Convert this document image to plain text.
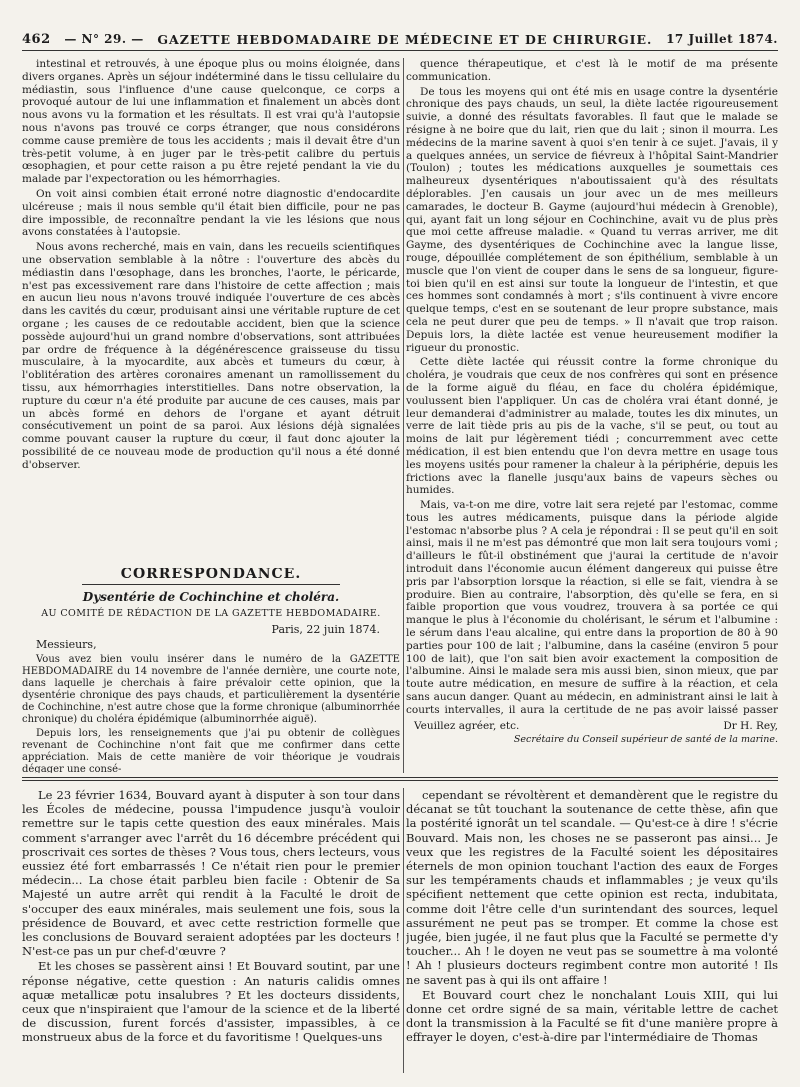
462 — N° 29. — GAZETTE HEBDOMADAIRE DE MÉDECINE ET DE CHIRURGIE. 17 Juillet 1874.

intestinal et retrouvés, à une époque plus ou moins éloignée, dans divers organes. Après un séjour indéterminé dans le tissu cellulaire du médiastin, sous l'influence d'une cause quelconque, ce corps a provoqué autour de lui une inflammation et finalement un abcès dont nous avons vu la formation et les résultats. Il est vrai qu'à l'autopsie nous n'avons pas trouvé ce corps étranger, que nous considérons comme cause première de tous les accidents ; mais il devait être d'un très-petit volume, à en juger par le très-petit calibre du pertuis œsophagien, et pour cette raison a pu être rejeté pendant la vie du malade par l'expectoration ou les hémorrhagies.

On voit ainsi combien était erroné notre diagnostic d'endocardite ulcéreuse ; mais il nous semble qu'il était bien difficile, pour ne pas dire impossible, de reconnaître pendant la vie les lésions que nous avons constatées à l'autopsie.

Nous avons recherché, mais en vain, dans les recueils scientifiques une observation semblable à la nôtre : l'ouverture des abcès du médiastin dans l'œsophage, dans les bronches, l'aorte, le péricarde, n'est pas excessivement rare dans l'histoire de cette affection ; mais en aucun lieu nous n'avons trouvé indiquée l'ouverture de ces abcès dans les cavités du cœur, produisant ainsi une véritable rupture de cet organe ; les causes de ce redoutable accident, bien que la science possède aujourd'hui un grand nombre d'observations, sont attribuées par ordre de fréquence à la dégénérescence graisseuse du tissu musculaire, à la myocardite, aux abcès et tumeurs du cœur, à l'oblitération des artères coronaires amenant un ramollissement du tissu, aux hémorrhagies interstitielles. Dans notre observation, la rupture du cœur n'a été produite par aucune de ces causes, mais par un abcès formé en dehors de l'organe et ayant détruit consécutivement un point de sa paroi. Aux lésions déjà signalées comme pouvant causer la rupture du cœur, il faut donc ajouter la possibilité de ce nouveau mode de production qu'il nous a été donné d'observer.

CORRESPONDANCE.
Dysentérie de Cochinchine et choléra.
AU COMITÉ DE RÉDACTION DE LA GAZETTE HEBDOMADAIRE.
Paris, 22 juin 1874.
Messieurs,

Vous avez bien voulu insérer dans le numéro de la GAZETTE HEBDOMADAIRE du 14 novembre de l'année dernière, une courte note, dans laquelle je cherchais à faire prévaloir cette opinion, que la dysentérie chronique des pays chauds, et particulièrement la dysentérie de Cochinchine, n'est autre chose que la forme chronique (albuminorrhée chronique) du choléra épidémique (albuminorrhée aiguë).

Depuis lors, les renseignements que j'ai pu obtenir de collègues revenant de Cochinchine n'ont fait que me confirmer dans cette appréciation. Mais de cette manière de voir théorique je voudrais dégager une consé-

quence thérapeutique, et c'est là le motif de ma présente communication.

De tous les moyens qui ont été mis en usage contre la dysentérie chronique des pays chauds, un seul, la diète lactée rigoureusement suivie, a donné des résultats favorables. Il faut que le malade se résigne à ne boire que du lait, rien que du lait ; sinon il mourra. Les médecins de la marine savent à quoi s'en tenir à ce sujet. J'avais, il y a quelques années, un service de fiévreux à l'hôpital Saint-Mandrier (Toulon) ; toutes les médications auxquelles je soumettais ces malheureux dysentériques n'aboutissaient qu'à des résultats déplorables. J'en causais un jour avec un de mes meilleurs camarades, le docteur B. Gayme (aujourd'hui médecin à Grenoble), qui, ayant fait un long séjour en Cochinchine, avait vu de plus près que moi cette affreuse maladie. « Quand tu verras arriver, me dit Gayme, des dysentériques de Cochinchine avec la langue lisse, rouge, dépouillée complétement de son épithélium, semblable à un muscle que l'on vient de couper dans le sens de sa longueur, figure-toi bien qu'il en est ainsi sur toute la longueur de l'intestin, et que ces hommes sont condamnés à mort ; s'ils continuent à vivre encore quelque temps, c'est en se soutenant de leur propre substance, mais cela ne peut durer que peu de temps. » Il n'avait que trop raison. Depuis lors, la diète lactée est venue heureusement modifier la rigueur du pronostic.

Cette diète lactée qui réussit contre la forme chronique du choléra, je voudrais que ceux de nos confrères qui sont en présence de la forme aiguë du fléau, en face du choléra épidémique, voulussent bien l'appliquer. Un cas de choléra vrai étant donné, je leur demanderai d'administrer au malade, toutes les dix minutes, un verre de lait tiède pris au pis de la vache, s'il se peut, ou tout au moins de lait pur légèrement tiédi ; concurremment avec cette médication, il est bien entendu que l'on devra mettre en usage tous les moyens usités pour ramener la chaleur à la périphérie, depuis les frictions avec la flanelle jusqu'aux bains de vapeurs sèches ou humides.

Mais, va-t-on me dire, votre lait sera rejeté par l'estomac, comme tous les autres médicaments, puisque dans la période algide l'estomac n'absorbe plus ? A cela je répondrai : Il se peut qu'il en soit ainsi, mais il ne m'est pas démontré que mon lait sera toujours vomi ; d'ailleurs le fût-il obstinément que j'aurai la certitude de n'avoir introduit dans l'économie aucun élément dangereux qui puisse être pris par l'absorption lorsque la réaction, si elle se fait, viendra à se produire. Bien au contraire, l'absorption, dès qu'elle se fera, en si faible proportion que vous voudrez, trouvera à sa portée ce qui manque le plus à l'économie du cholérisant, le sérum et l'albumine : le sérum dans l'eau alcaline, qui entre dans la proportion de 80 à 90 parties pour 100 de lait ; l'albumine, dans la caséine (environ 5 pour 100 de lait), que l'on sait bien avoir exactement la composition de l'albumine. Ainsi le malade sera mis aussi bien, sinon mieux, que par toute autre médication, en mesure de suffire à la réaction, et cela sans aucun danger. Quant au médecin, en administrant ainsi le lait à courts intervalles, il aura la certitude de ne pas avoir laissé passer

Veuillez agréer, etc.	Dr H. Rey,
Secrétaire du Conseil supérieur de santé de la marine.

Le 23 février 1634, Bouvard ayant à disputer à son tour dans les Écoles de médecine, poussa l'impudence jusqu'à vouloir remettre sur le tapis cette question des eaux minérales. Mais comment s'arranger avec l'arrêt du 16 décembre précédent qui proscrivait ces sortes de thèses ? Vous tous, chers lecteurs, vous eussiez été fort embarrassés ! Ce n'était rien pour le premier médecin... La chose était parbleu bien facile : Obtenir de Sa Majesté un autre arrêt qui rendit à la Faculté le droit de s'occuper des eaux minérales, mais seulement une fois, sous la présidence de Bouvard, et avec cette restriction formelle que les conclusions de Bouvard seraient adoptées par les docteurs ! N'est-ce pas un pur chef-d'œuvre ?

Et les choses se passèrent ainsi ! Et Bouvard soutint, par une réponse négative, cette question : An naturis calidis omnes aquæ metallicæ potu insalubres ? Et les docteurs dissidents, ceux que n'inspiraient que l'amour de la science et de la liberté de discussion, furent forcés d'assister, impassibles, à ce monstrueux abus de la force et du favoritisme ! Quelques-uns

cependant se révoltèrent et demandèrent que le registre du décanat se tût touchant la soutenance de cette thèse, afin que la postérité ignorât un tel scandale. — Qu'est-ce à dire ! s'écrie Bouvard. Mais non, les choses ne se passeront pas ainsi... Je veux que les registres de la Faculté soient les dépositaires éternels de mon opinion touchant l'action des eaux de Forges sur les tempéraments chauds et inflammables ; je veux qu'ils spécifient nettement que cette opinion est recta, indubitata, comme doit l'être celle d'un surintendant des sources, lequel assurément ne peut pas se tromper. Et comme la chose est jugée, bien jugée, il ne faut plus que la Faculté se permette d'y toucher... Ah ! le doyen ne veut pas se soumettre à ma volonté ! Ah ! plusieurs docteurs regimbent contre mon autorité ! Ils ne savent pas à qui ils ont affaire !

Et Bouvard court chez le nonchalant Louis XIII, qui lui donne cet ordre signé de sa main, véritable lettre de cachet dont la transmission à la Faculté se fit d'une manière propre à effrayer le doyen, c'est-à-dire par l'intermédiaire de Thomas
